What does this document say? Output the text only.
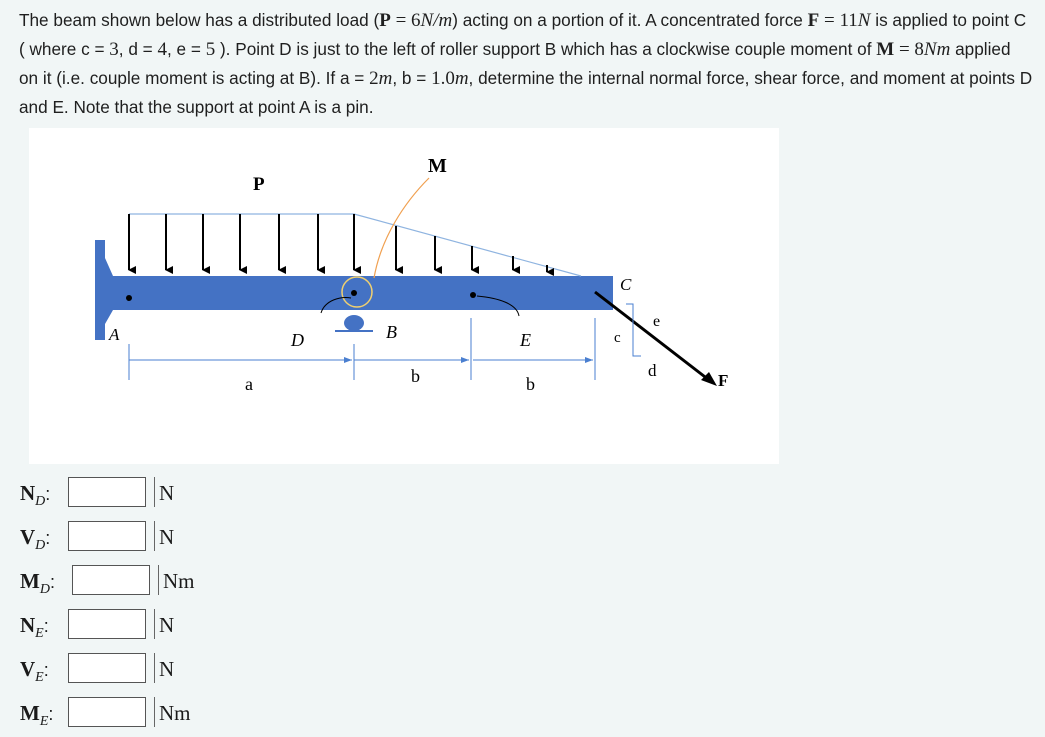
The beam shown below has a distributed load (P = 6N/m) acting on a portion of it. A concentrated force F = 11N is applied to point C ( where c = 3, d = 4, e = 5 ). Point D is just to the left of roller support B which has a clockwise couple moment of M = 8Nm applied on it (i.e. couple moment is acting at B). If a = 2m, b = 1.0m, determine the internal normal force, shear force, and moment at points D and E. Note that the support at point A is a pin.
P
M
A	D	B	E
C
c
e
d
F
a	b	b
$N_D$:	N
$V_D$:	N
$M_D$:	Nm
$N_E$:	N
$V_E$:	N
$M_E$:	Nm
